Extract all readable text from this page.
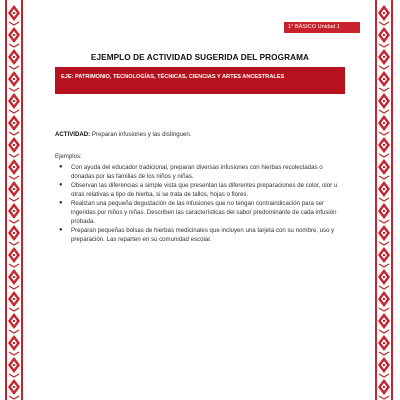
1° BÁSICO Unidad 1
EJEMPLO DE ACTIVIDAD SUGERIDA DEL PROGRAMA
EJE: PATRIMONIO, TECNOLOGÍAS, TÉCNICAS, CIENCIAS Y ARTES ANCESTRALES

ACTIVIDAD: Preparan infusiones y las distinguen.

Ejemplos:

● Con ayuda del educador tradicional, preparan diversas infusiones con hierbas recolectadas o donadas por las familias de los niños y niñas.
● Observan las diferencias a simple vista que presentan las diferentes preparaciones de color, olor u otras relativas a tipo de hierba, si se trata de tallos, hojas o flores.
● Realizan una pequeña degustación de las infusiones que no tengan contraindicación para ser ingeridas por niños y niñas. Describen las características del sabor predominante de cada infusión probada.
● Preparan pequeñas bolsas de hierbas medicinales que incluyen una tarjeta con su nombre, uso y preparación. Las reparten en su comunidad escolar.
